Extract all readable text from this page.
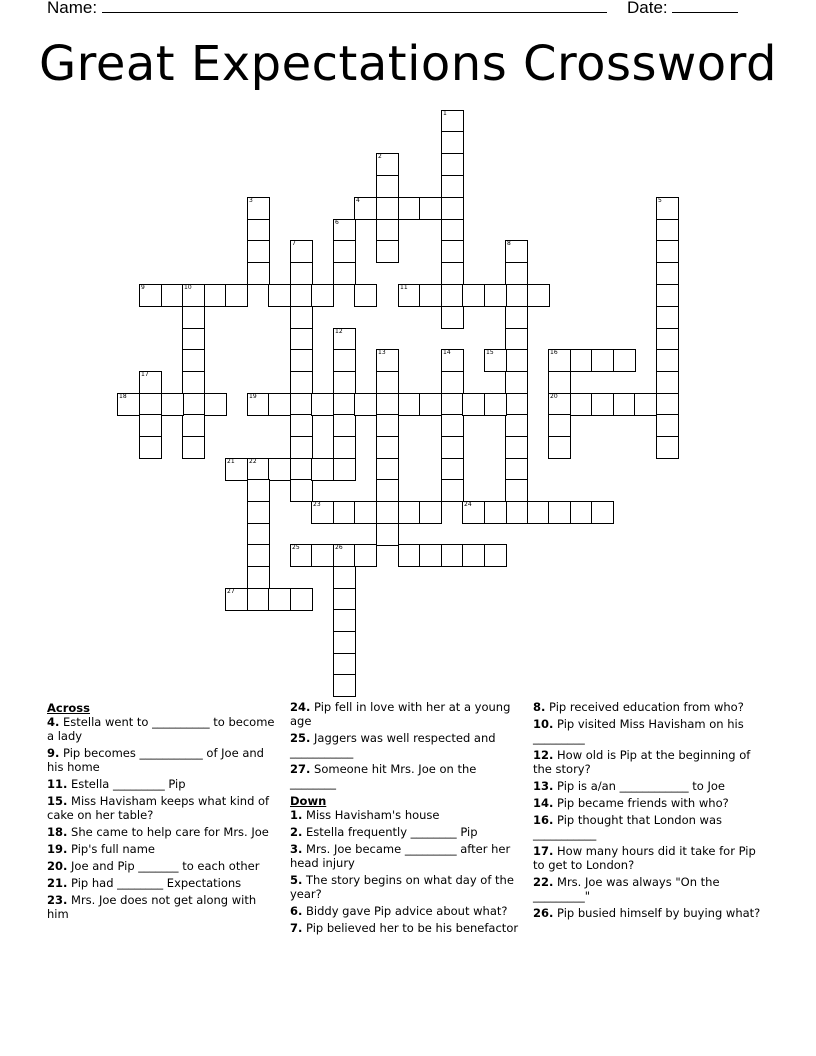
Name:	Date:
Great Expectations Crossword
1
2
3	4	5
6
7	8
9	10	11
12
13	14	15	16
17
18	19	20
21 22
23	24
25	26
27
Across
4. Estella went to __________ to become a lady
9. Pip becomes ___________ of Joe and his home
11. Estella _________ Pip
15. Miss Havisham keeps what kind of cake on her table?
18. She came to help care for Mrs. Joe
19. Pip's full name
20. Joe and Pip _______ to each other
21. Pip had ________ Expectations
23. Mrs. Joe does not get along with him
24. Pip fell in love with her at a young age
25. Jaggers was well respected and ___________
27. Someone hit Mrs. Joe on the ________
Down
1. Miss Havisham's house
2. Estella frequently ________ Pip
3. Mrs. Joe became _________ after her head injury
5. The story begins on what day of the year?
6. Biddy gave Pip advice about what?
7. Pip believed her to be his benefactor
8. Pip received education from who?
10. Pip visited Miss Havisham on his _________
12. How old is Pip at the beginning of the story?
13. Pip is a/an ____________ to Joe
14. Pip became friends with who?
16. Pip thought that London was ___________
17. How many hours did it take for Pip to get to London?
22. Mrs. Joe was always "On the _________"
26. Pip busied himself by buying what?
